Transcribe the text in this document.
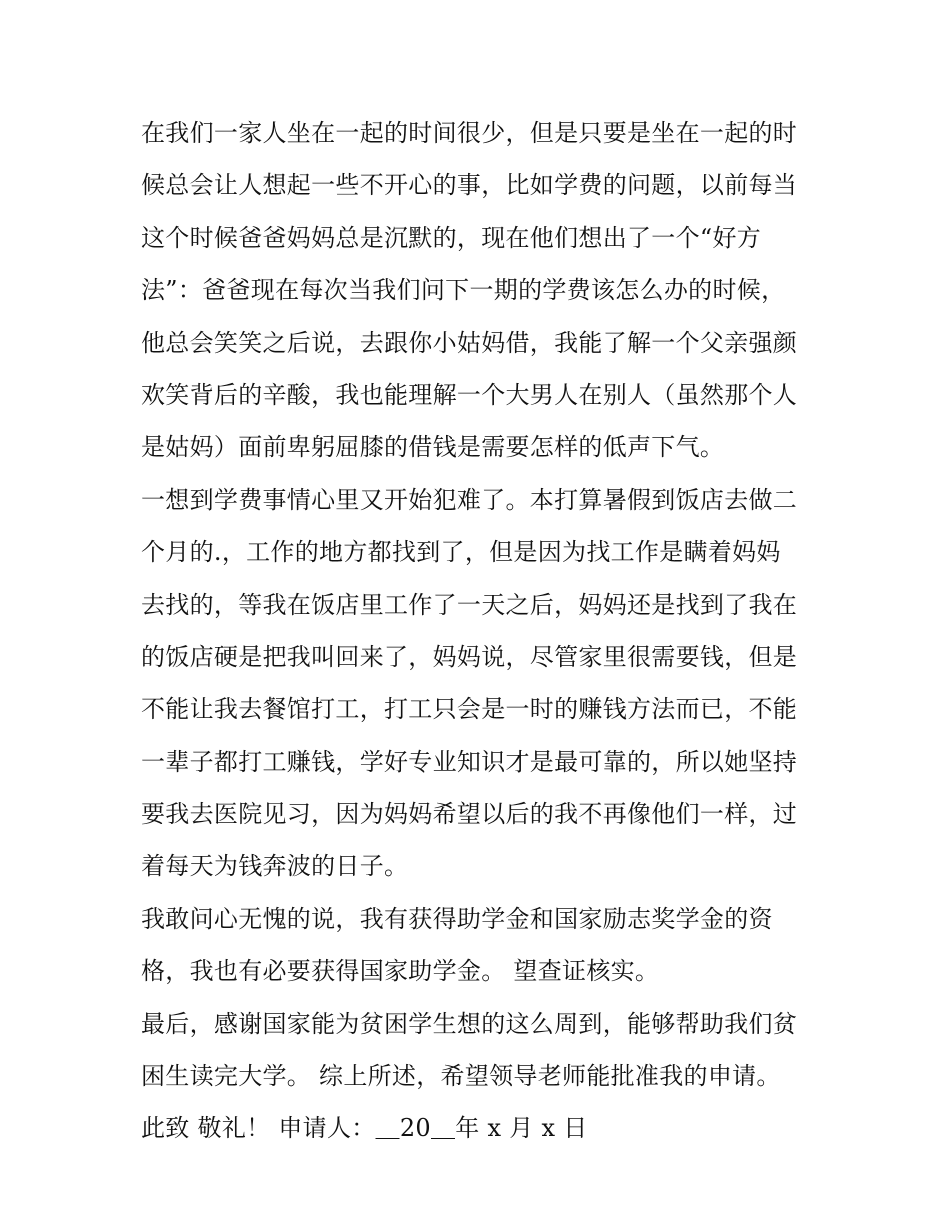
在我们一家人坐在一起的时间很少，但是只要是坐在一起的时
候总会让人想起一些不开心的事，比如学费的问题，以前每当
这个时候爸爸妈妈总是沉默的，现在他们想出了一个“好方
法”：爸爸现在每次当我们问下一期的学费该怎么办的时候，
他总会笑笑之后说，去跟你小姑妈借，我能了解一个父亲强颜
欢笑背后的辛酸，我也能理解一个大男人在别人（虽然那个人
是姑妈）面前卑躬屈膝的借钱是需要怎样的低声下气。
一想到学费事情心里又开始犯难了。本打算暑假到饭店去做二
个月的.，工作的地方都找到了，但是因为找工作是瞒着妈妈
去找的，等我在饭店里工作了一天之后，妈妈还是找到了我在
的饭店硬是把我叫回来了，妈妈说，尽管家里很需要钱，但是
不能让我去餐馆打工，打工只会是一时的赚钱方法而已，不能
一辈子都打工赚钱，学好专业知识才是最可靠的，所以她坚持
要我去医院见习，因为妈妈希望以后的我不再像他们一样，过
着每天为钱奔波的日子。
我敢问心无愧的说，我有获得助学金和国家励志奖学金的资
格，我也有必要获得国家助学金。 望查证核实。
最后，感谢国家能为贫困学生想的这么周到，能够帮助我们贫
困生读完大学。 综上所述，希望领导老师能批准我的申请。
此致 敬礼！ 申请人：＿20＿年 x 月 x 日
